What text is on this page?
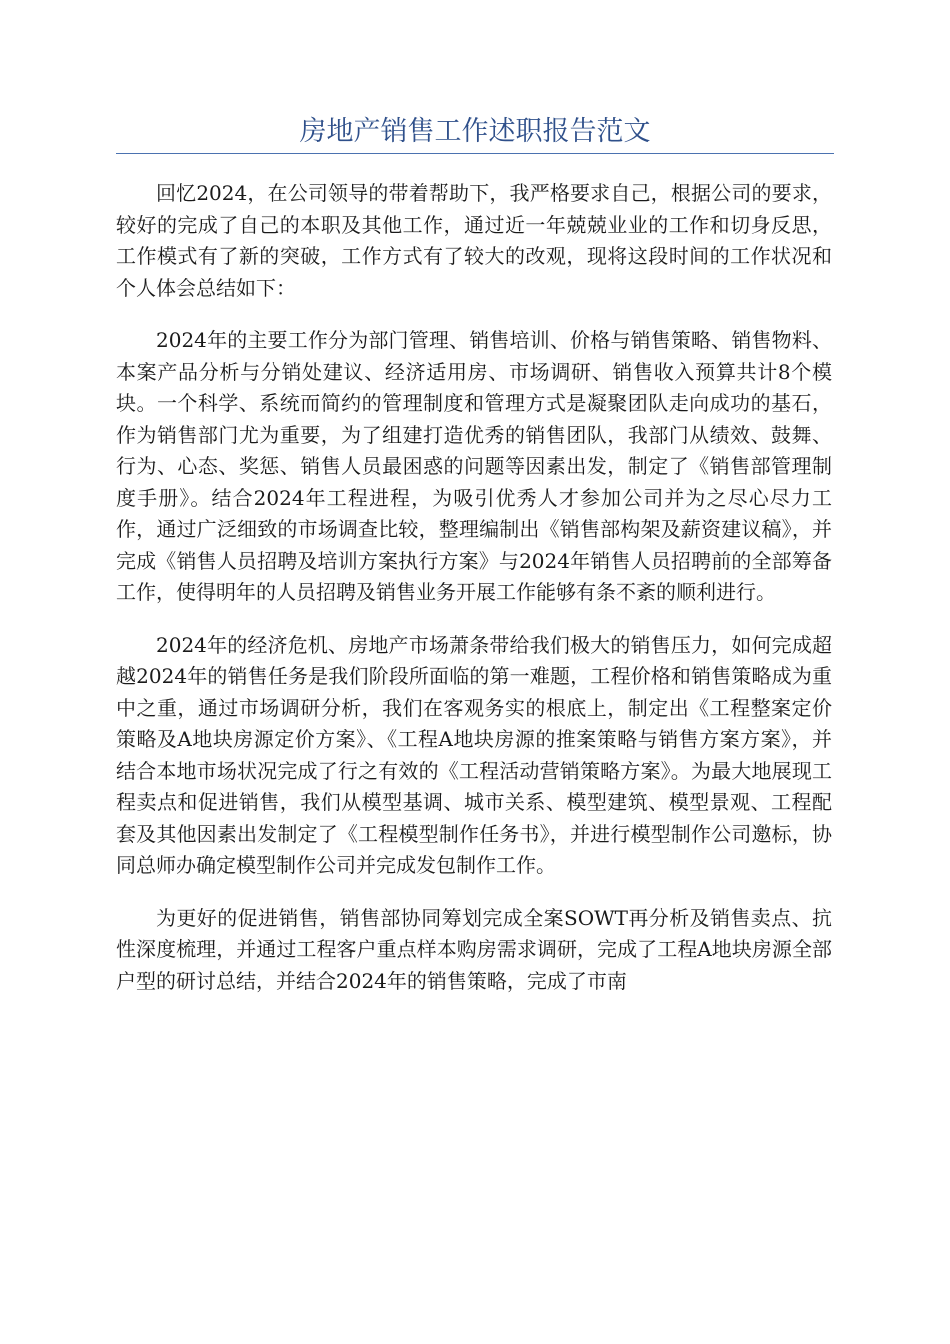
房地产销售工作述职报告范文

回忆2024，在公司领导的带着帮助下，我严格要求自己，根据公司的要求，较好的完成了自己的本职及其他工作，通过近一年兢兢业业的工作和切身反思，工作模式有了新的突破，工作方式有了较大的改观，现将这段时间的工作状况和个人体会总结如下：

2024年的主要工作分为部门管理、销售培训、价格与销售策略、销售物料、本案产品分析与分销处建议、经济适用房、市场调研、销售收入预算共计8个模块。一个科学、系统而简约的管理制度和管理方式是凝聚团队走向成功的基石，作为销售部门尤为重要，为了组建打造优秀的销售团队，我部门从绩效、鼓舞、行为、心态、奖惩、销售人员最困惑的问题等因素出发，制定了《销售部管理制度手册》。结合2024年工程进程，为吸引优秀人才参加公司并为之尽心尽力工作，通过广泛细致的市场调查比较，整理编制出《销售部构架及薪资建议稿》，并完成《销售人员招聘及培训方案执行方案》与2024年销售人员招聘前的全部筹备工作，使得明年的人员招聘及销售业务开展工作能够有条不紊的顺利进行。

2024年的经济危机、房地产市场萧条带给我们极大的销售压力，如何完成超越2024年的销售任务是我们阶段所面临的第一难题，工程价格和销售策略成为重中之重，通过市场调研分析，我们在客观务实的根底上，制定出《工程整案定价策略及A地块房源定价方案》、《工程A地块房源的推案策略与销售方案方案》，并结合本地市场状况完成了行之有效的《工程活动营销策略方案》。为最大地展现工程卖点和促进销售，我们从模型基调、城市关系、模型建筑、模型景观、工程配套及其他因素出发制定了《工程模型制作任务书》，并进行模型制作公司邀标，协同总师办确定模型制作公司并完成发包制作工作。

为更好的促进销售，销售部协同筹划完成全案SOWT再分析及销售卖点、抗性深度梳理，并通过工程客户重点样本购房需求调研，完成了工程A地块房源全部户型的研讨总结，并结合2024年的销售策略，完成了市南
